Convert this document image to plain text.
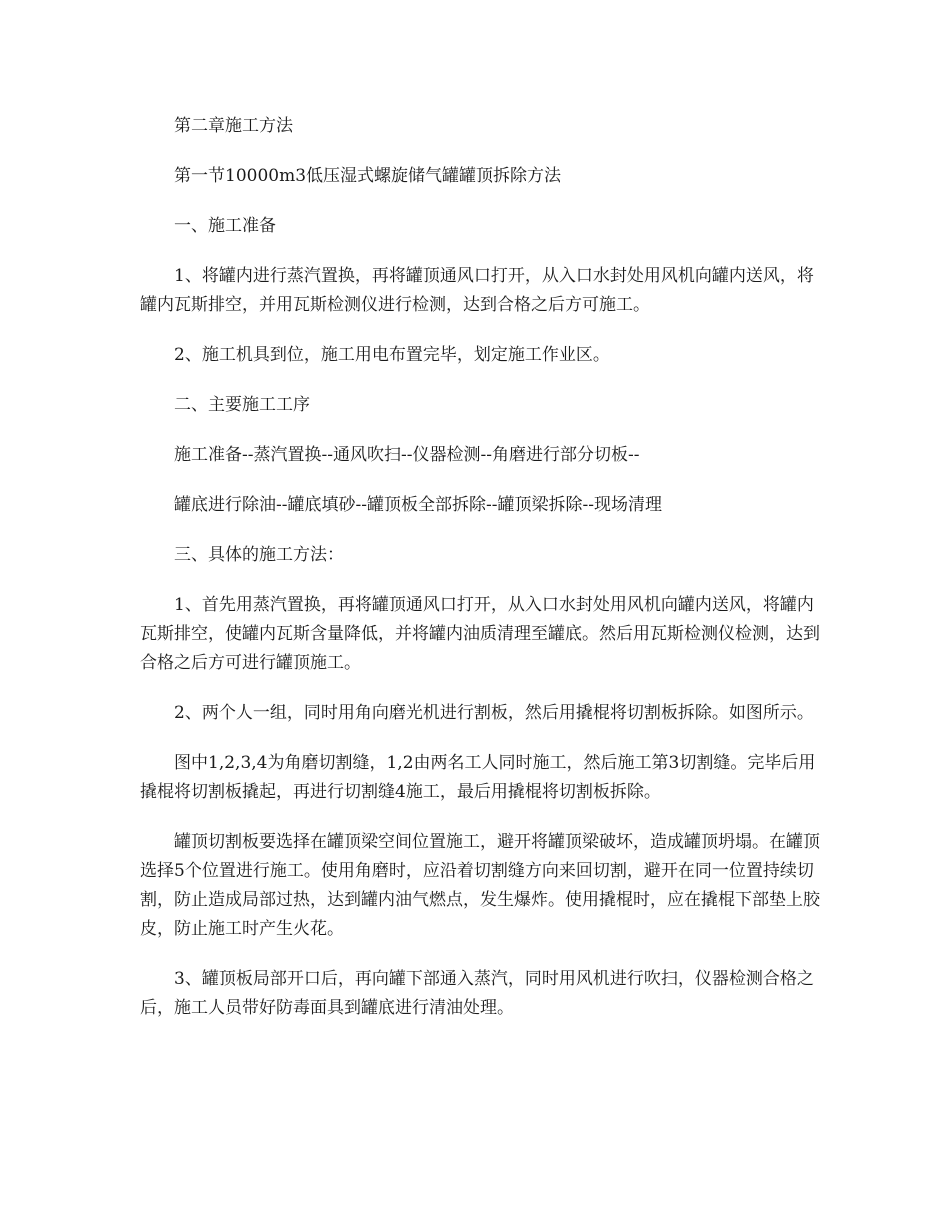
第二章施工方法

第一节10000m3低压湿式螺旋储气罐罐顶拆除方法

一、施工准备

1、将罐内进行蒸汽置换，再将罐顶通风口打开，从入口水封处用风机向罐内送风，将罐内瓦斯排空，并用瓦斯检测仪进行检测，达到合格之后方可施工。

2、施工机具到位，施工用电布置完毕，划定施工作业区。

二、主要施工工序

施工准备--蒸汽置换--通风吹扫--仪器检测--角磨进行部分切板--

罐底进行除油--罐底填砂--罐顶板全部拆除--罐顶梁拆除--现场清理

三、具体的施工方法：

1、首先用蒸汽置换，再将罐顶通风口打开，从入口水封处用风机向罐内送风，将罐内瓦斯排空，使罐内瓦斯含量降低，并将罐内油质清理至罐底。然后用瓦斯检测仪检测，达到合格之后方可进行罐顶施工。

2、两个人一组，同时用角向磨光机进行割板，然后用撬棍将切割板拆除。如图所示。

图中1,2,3,4为角磨切割缝，1,2由两名工人同时施工，然后施工第3切割缝。完毕后用撬棍将切割板撬起，再进行切割缝4施工，最后用撬棍将切割板拆除。

罐顶切割板要选择在罐顶梁空间位置施工，避开将罐顶梁破坏，造成罐顶坍塌。在罐顶选择5个位置进行施工。使用角磨时，应沿着切割缝方向来回切割，避开在同一位置持续切割，防止造成局部过热，达到罐内油气燃点，发生爆炸。使用撬棍时，应在撬棍下部垫上胶皮，防止施工时产生火花。

3、罐顶板局部开口后，再向罐下部通入蒸汽，同时用风机进行吹扫，仪器检测合格之后，施工人员带好防毒面具到罐底进行清油处理。
